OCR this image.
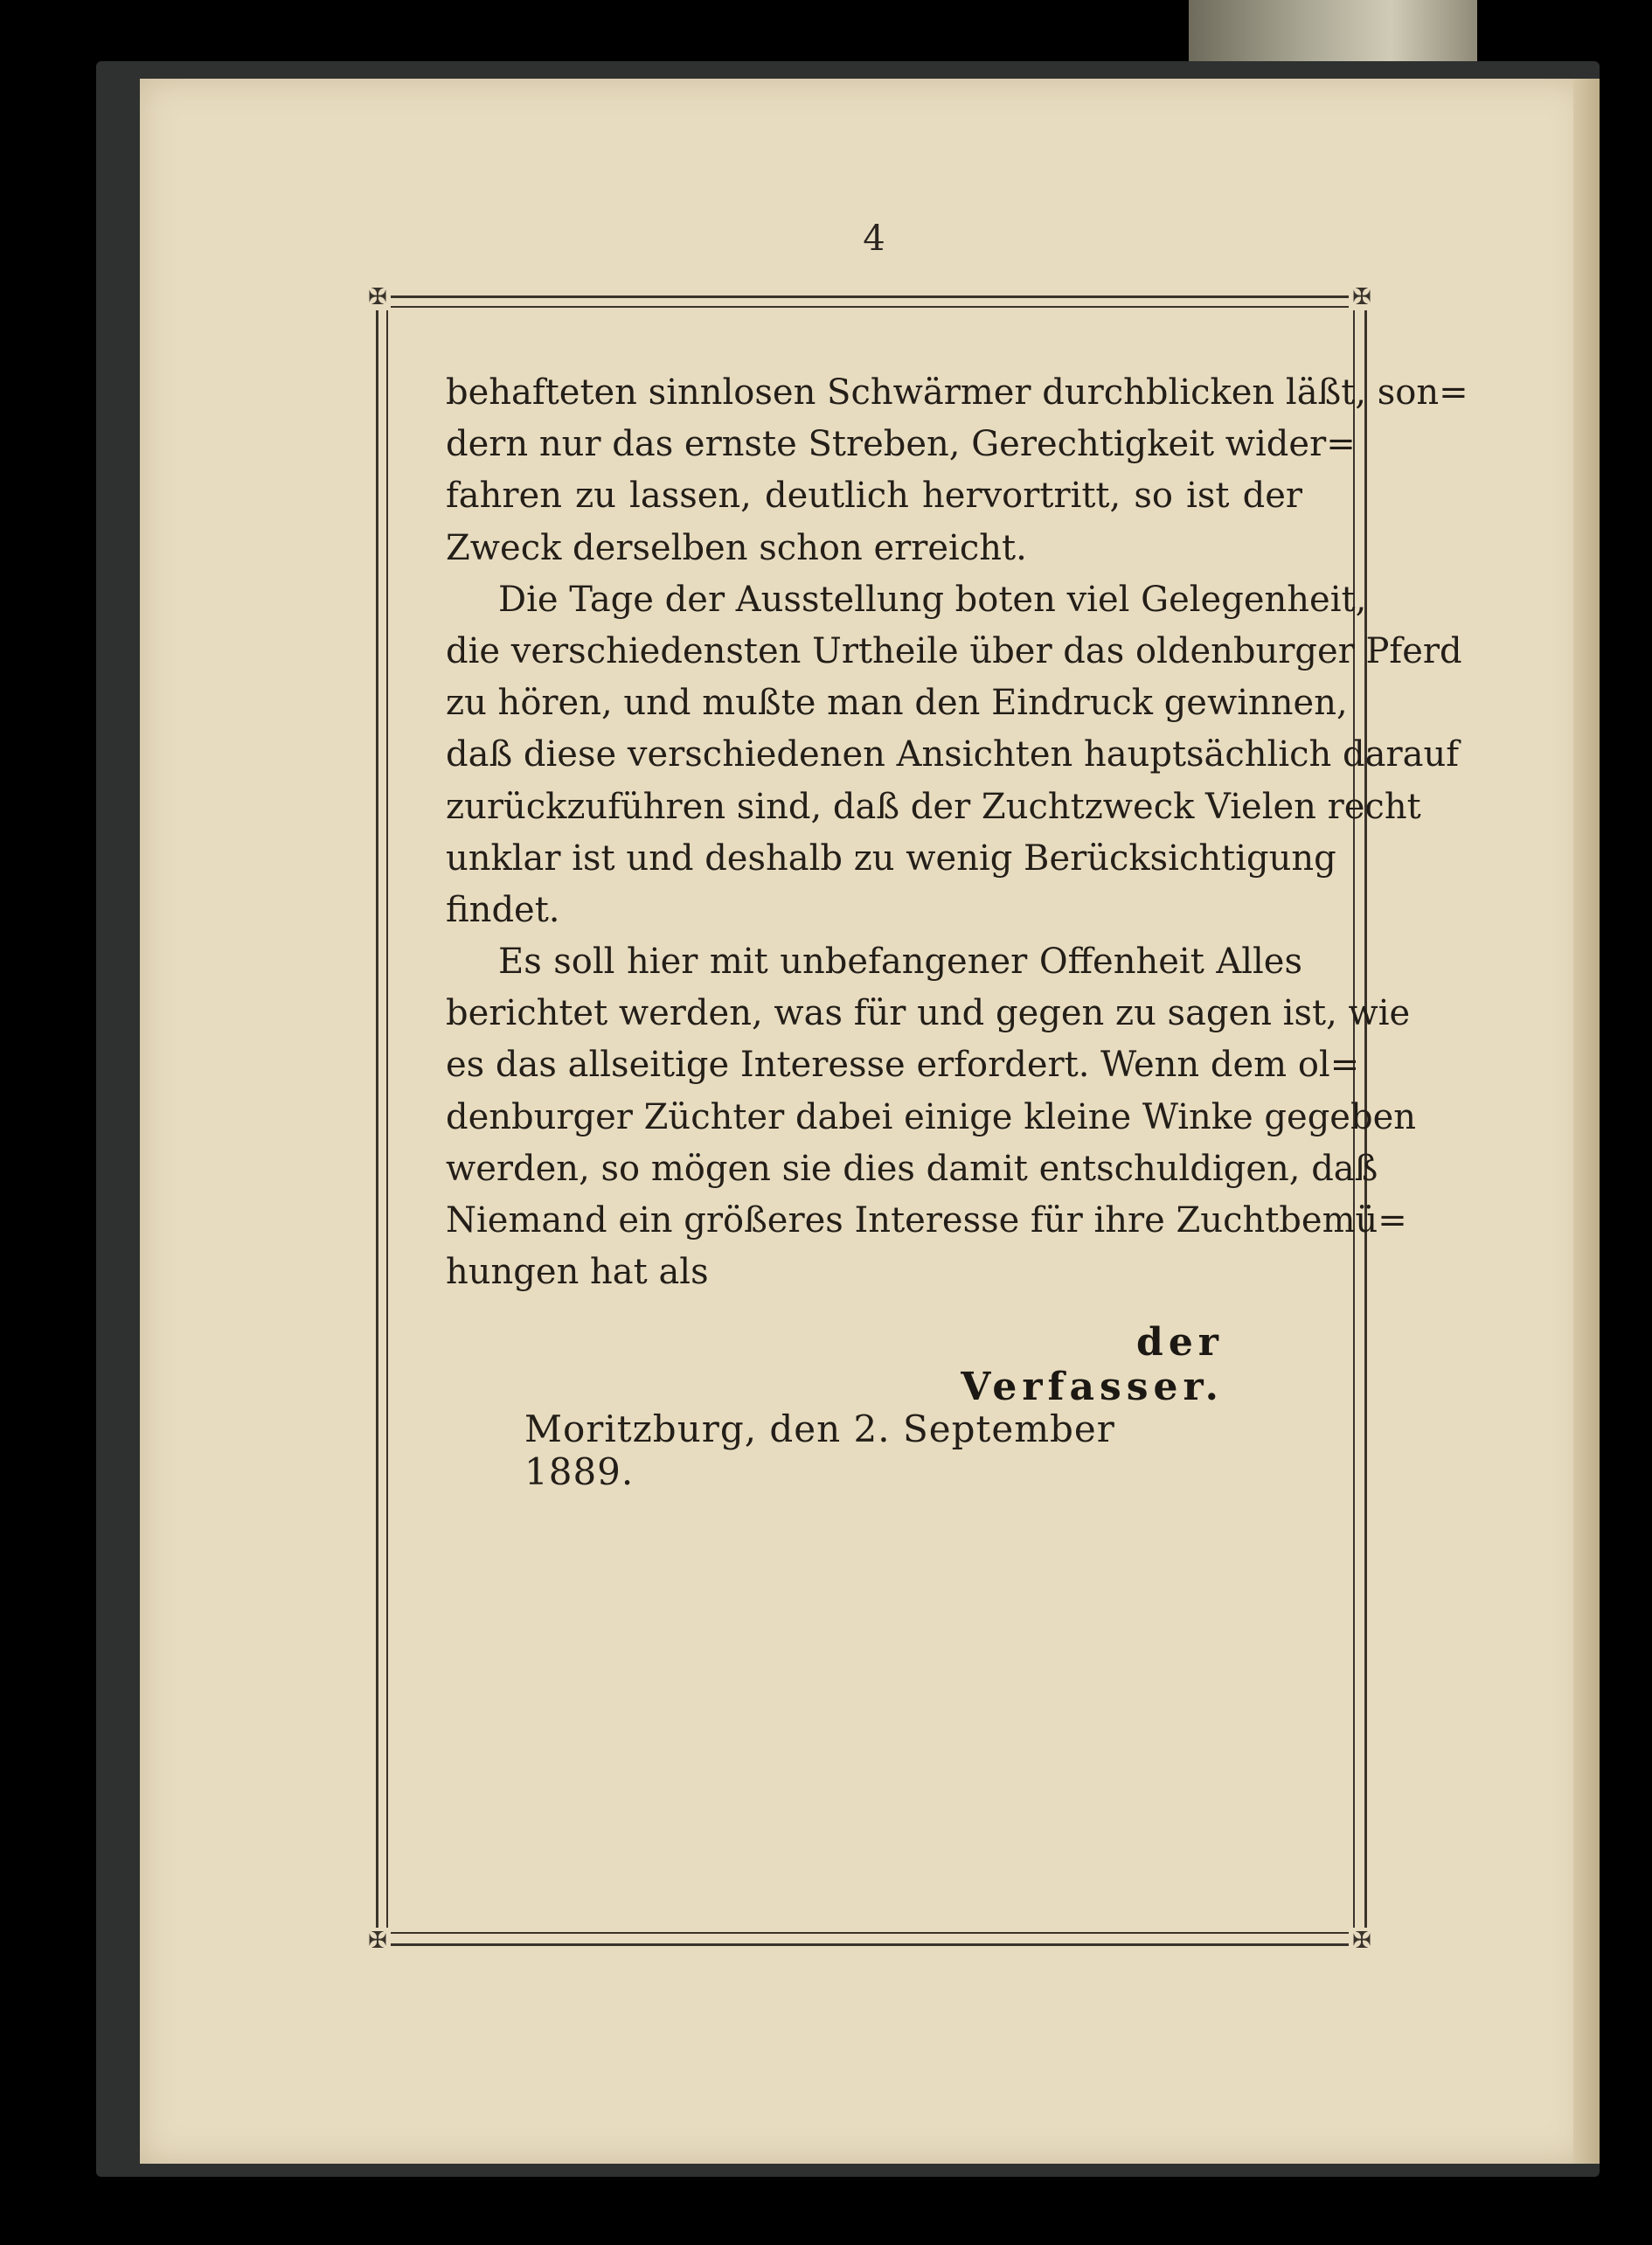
4
✠	✠
✠	✠
behafteten sinnlosen Schwärmer durchblicken läßt, son=
dern nur das ernste Streben, Gerechtigkeit wider=
fahren zu lassen, deutlich hervortritt, so ist der
Zweck derselben schon erreicht.
Die Tage der Ausstellung boten viel Gelegenheit,
die verschiedensten Urtheile über das oldenburger Pferd
zu hören, und mußte man den Eindruck gewinnen,
daß diese verschiedenen Ansichten hauptsächlich darauf
zurückzuführen sind, daß der Zuchtzweck Vielen recht
unklar ist und deshalb zu wenig Berücksichtigung
findet.
Es soll hier mit unbefangener Offenheit Alles
berichtet werden, was für und gegen zu sagen ist, wie
es das allseitige Interesse erfordert. Wenn dem ol=
denburger Züchter dabei einige kleine Winke gegeben
werden, so mögen sie dies damit entschuldigen, daß
Niemand ein größeres Interesse für ihre Zuchtbemü=
hungen hat als
der Verfasser.
Moritzburg, den 2. September 1889.
